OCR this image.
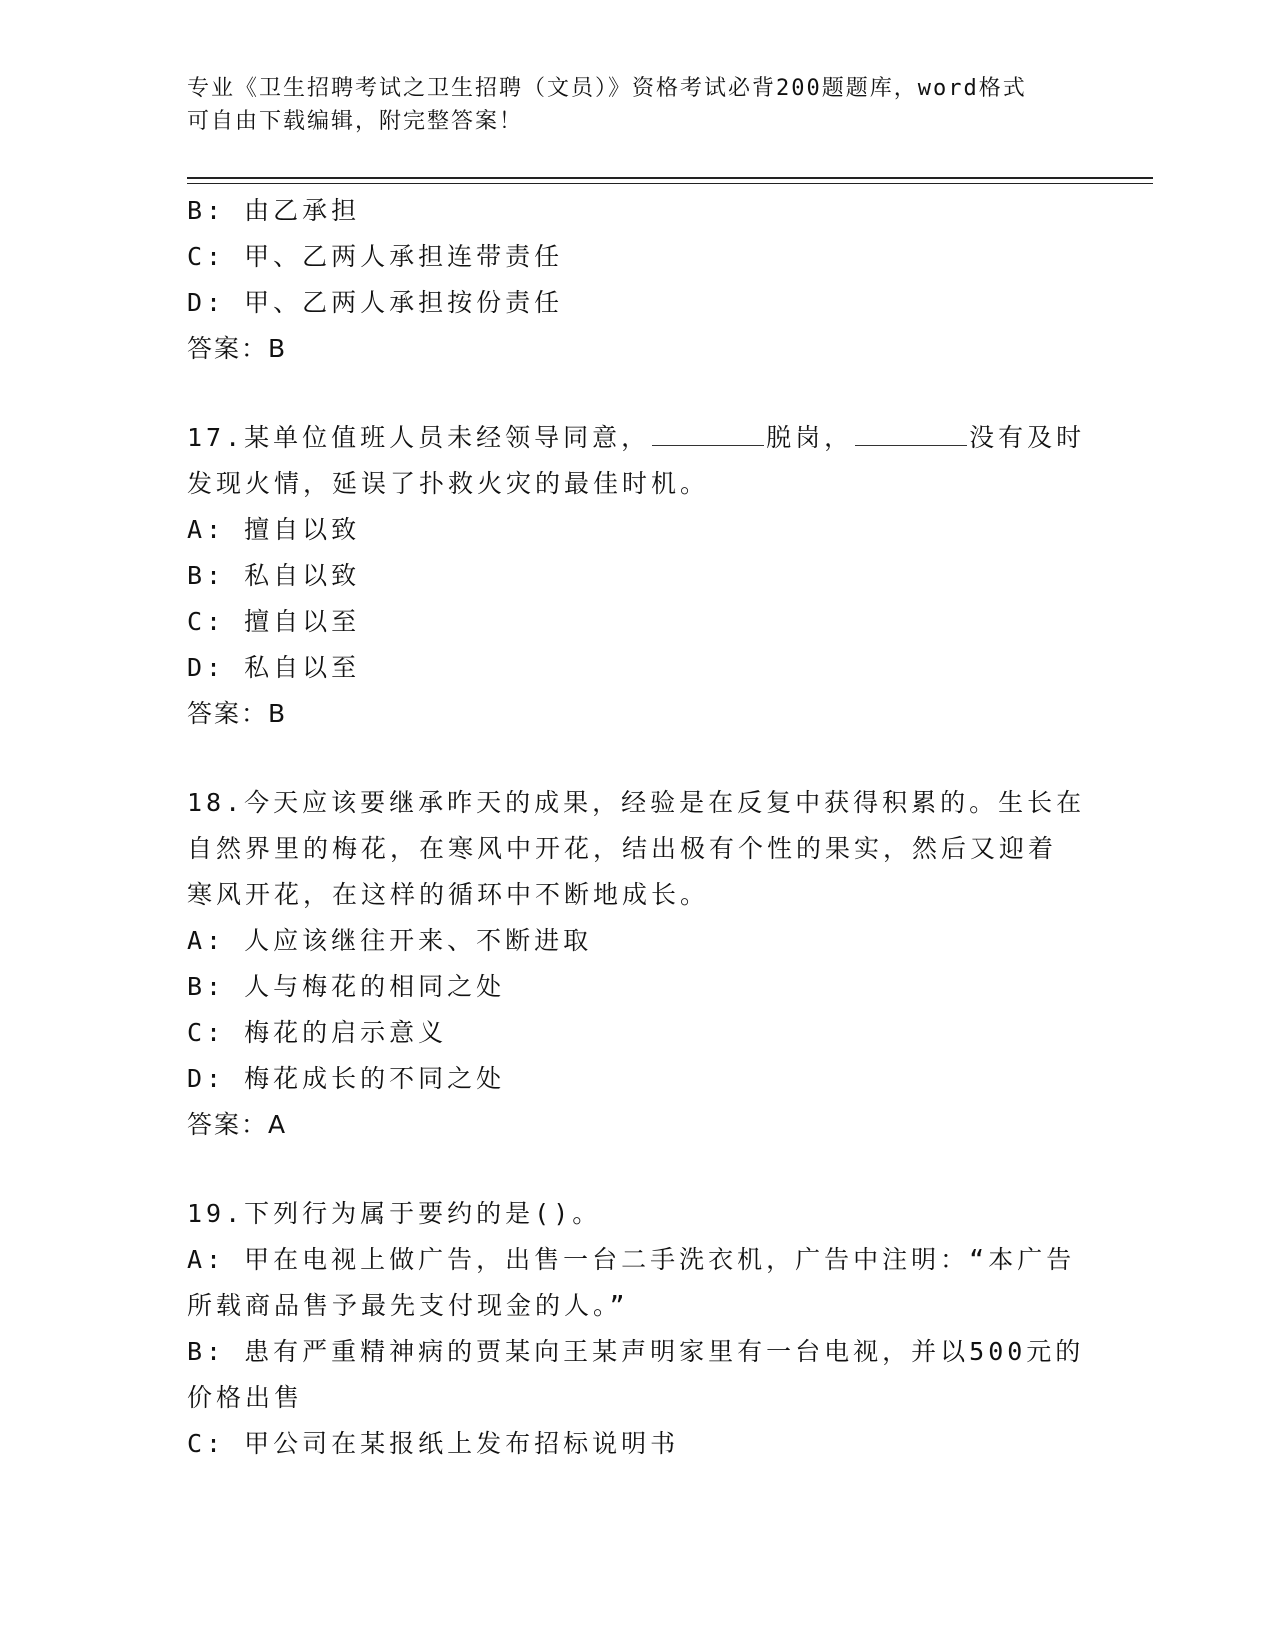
专业《卫生招聘考试之卫生招聘（文员）》资格考试必背200题题库，word格式
可自由下载编辑，附完整答案！
B: 由乙承担
C: 甲、乙两人承担连带责任
D: 甲、乙两人承担按份责任
答案：B
17.某单位值班人员未经领导同意，	脱岗，	没有及时
发现火情，延误了扑救火灾的最佳时机。
A: 擅自以致
B: 私自以致
C: 擅自以至
D: 私自以至
答案：B
18.今天应该要继承昨天的成果，经验是在反复中获得积累的。生长在
自然界里的梅花，在寒风中开花，结出极有个性的果实，然后又迎着
寒风开花，在这样的循环中不断地成长。
A: 人应该继往开来、不断进取
B: 人与梅花的相同之处
C: 梅花的启示意义
D: 梅花成长的不同之处
答案：A
19.下列行为属于要约的是()。
A: 甲在电视上做广告，出售一台二手洗衣机，广告中注明：“本广告
所载商品售予最先支付现金的人。”
B: 患有严重精神病的贾某向王某声明家里有一台电视，并以500元的
价格出售
C: 甲公司在某报纸上发布招标说明书
